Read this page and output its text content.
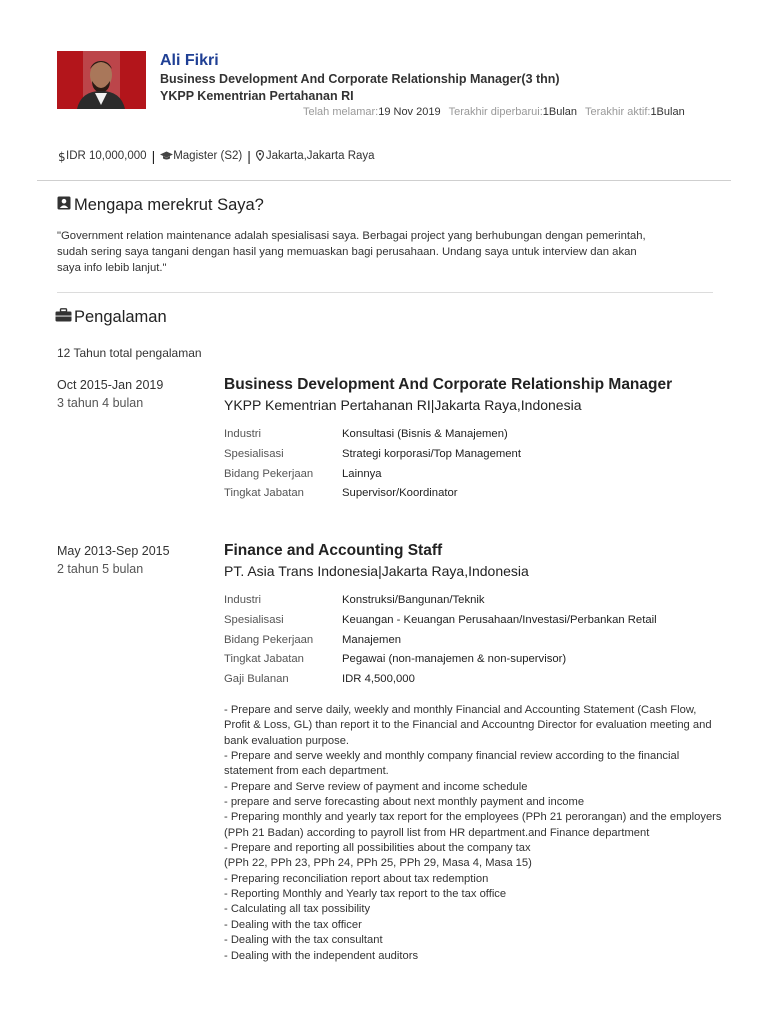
Ali Fikri
Business Development And Corporate Relationship Manager(3 thn)
YKPP Kementrian Pertahanan RI
Telah melamar:19 Nov 2019 Terakhir diperbarui:1Bulan Terakhir aktif:1Bulan
$ IDR 10,000,000 | Magister (S2) | Jakarta,Jakarta Raya
Mengapa merekrut Saya?
"Government relation maintenance adalah spesialisasi saya. Berbagai project yang berhubungan dengan pemerintah, sudah sering saya tangani dengan hasil yang memuaskan bagi perusahaan. Undang saya untuk interview dan akan saya info lebib lanjut."
Pengalaman
12 Tahun total pengalaman
Oct 2015-Jan 2019
3 tahun 4 bulan
Business Development And Corporate Relationship Manager
YKPP Kementrian Pertahanan RI|Jakarta Raya,Indonesia
Industri	Konsultasi (Bisnis & Manajemen)
Spesialisasi	Strategi korporasi/Top Management
Bidang Pekerjaan	Lainnya
Tingkat Jabatan	Supervisor/Koordinator
May 2013-Sep 2015
2 tahun 5 bulan
Finance and Accounting Staff
PT. Asia Trans Indonesia|Jakarta Raya,Indonesia
Industri	Konstruksi/Bangunan/Teknik
Spesialisasi	Keuangan - Keuangan Perusahaan/Investasi/Perbankan Retail
Bidang Pekerjaan	Manajemen
Tingkat Jabatan	Pegawai (non-manajemen & non-supervisor)
Gaji Bulanan	IDR 4,500,000
- Prepare and serve daily, weekly and monthly Financial and Accounting Statement (Cash Flow, Profit & Loss, GL) than report it to the Financial and Accountng Director for evaluation meeting and bank evaluation purpose.
- Prepare and serve weekly and monthly company financial review according to the financial statement from each department.
- Prepare and Serve review of payment and income schedule
- prepare and serve forecasting about next monthly payment and income
- Preparing monthly and yearly tax report for the employees (PPh 21 perorangan) and the employers (PPh 21 Badan) according to payroll list from HR department.and Finance department
- Prepare and reporting all possibilities about the company tax
(PPh 22, PPh 23, PPh 24, PPh 25, PPh 29, Masa 4, Masa 15)
- Preparing reconciliation report about tax redemption
- Reporting Monthly and Yearly tax report to the tax office
- Calculating all tax possibility
- Dealing with the tax officer
- Dealing with the tax consultant
- Dealing with the independent auditors
